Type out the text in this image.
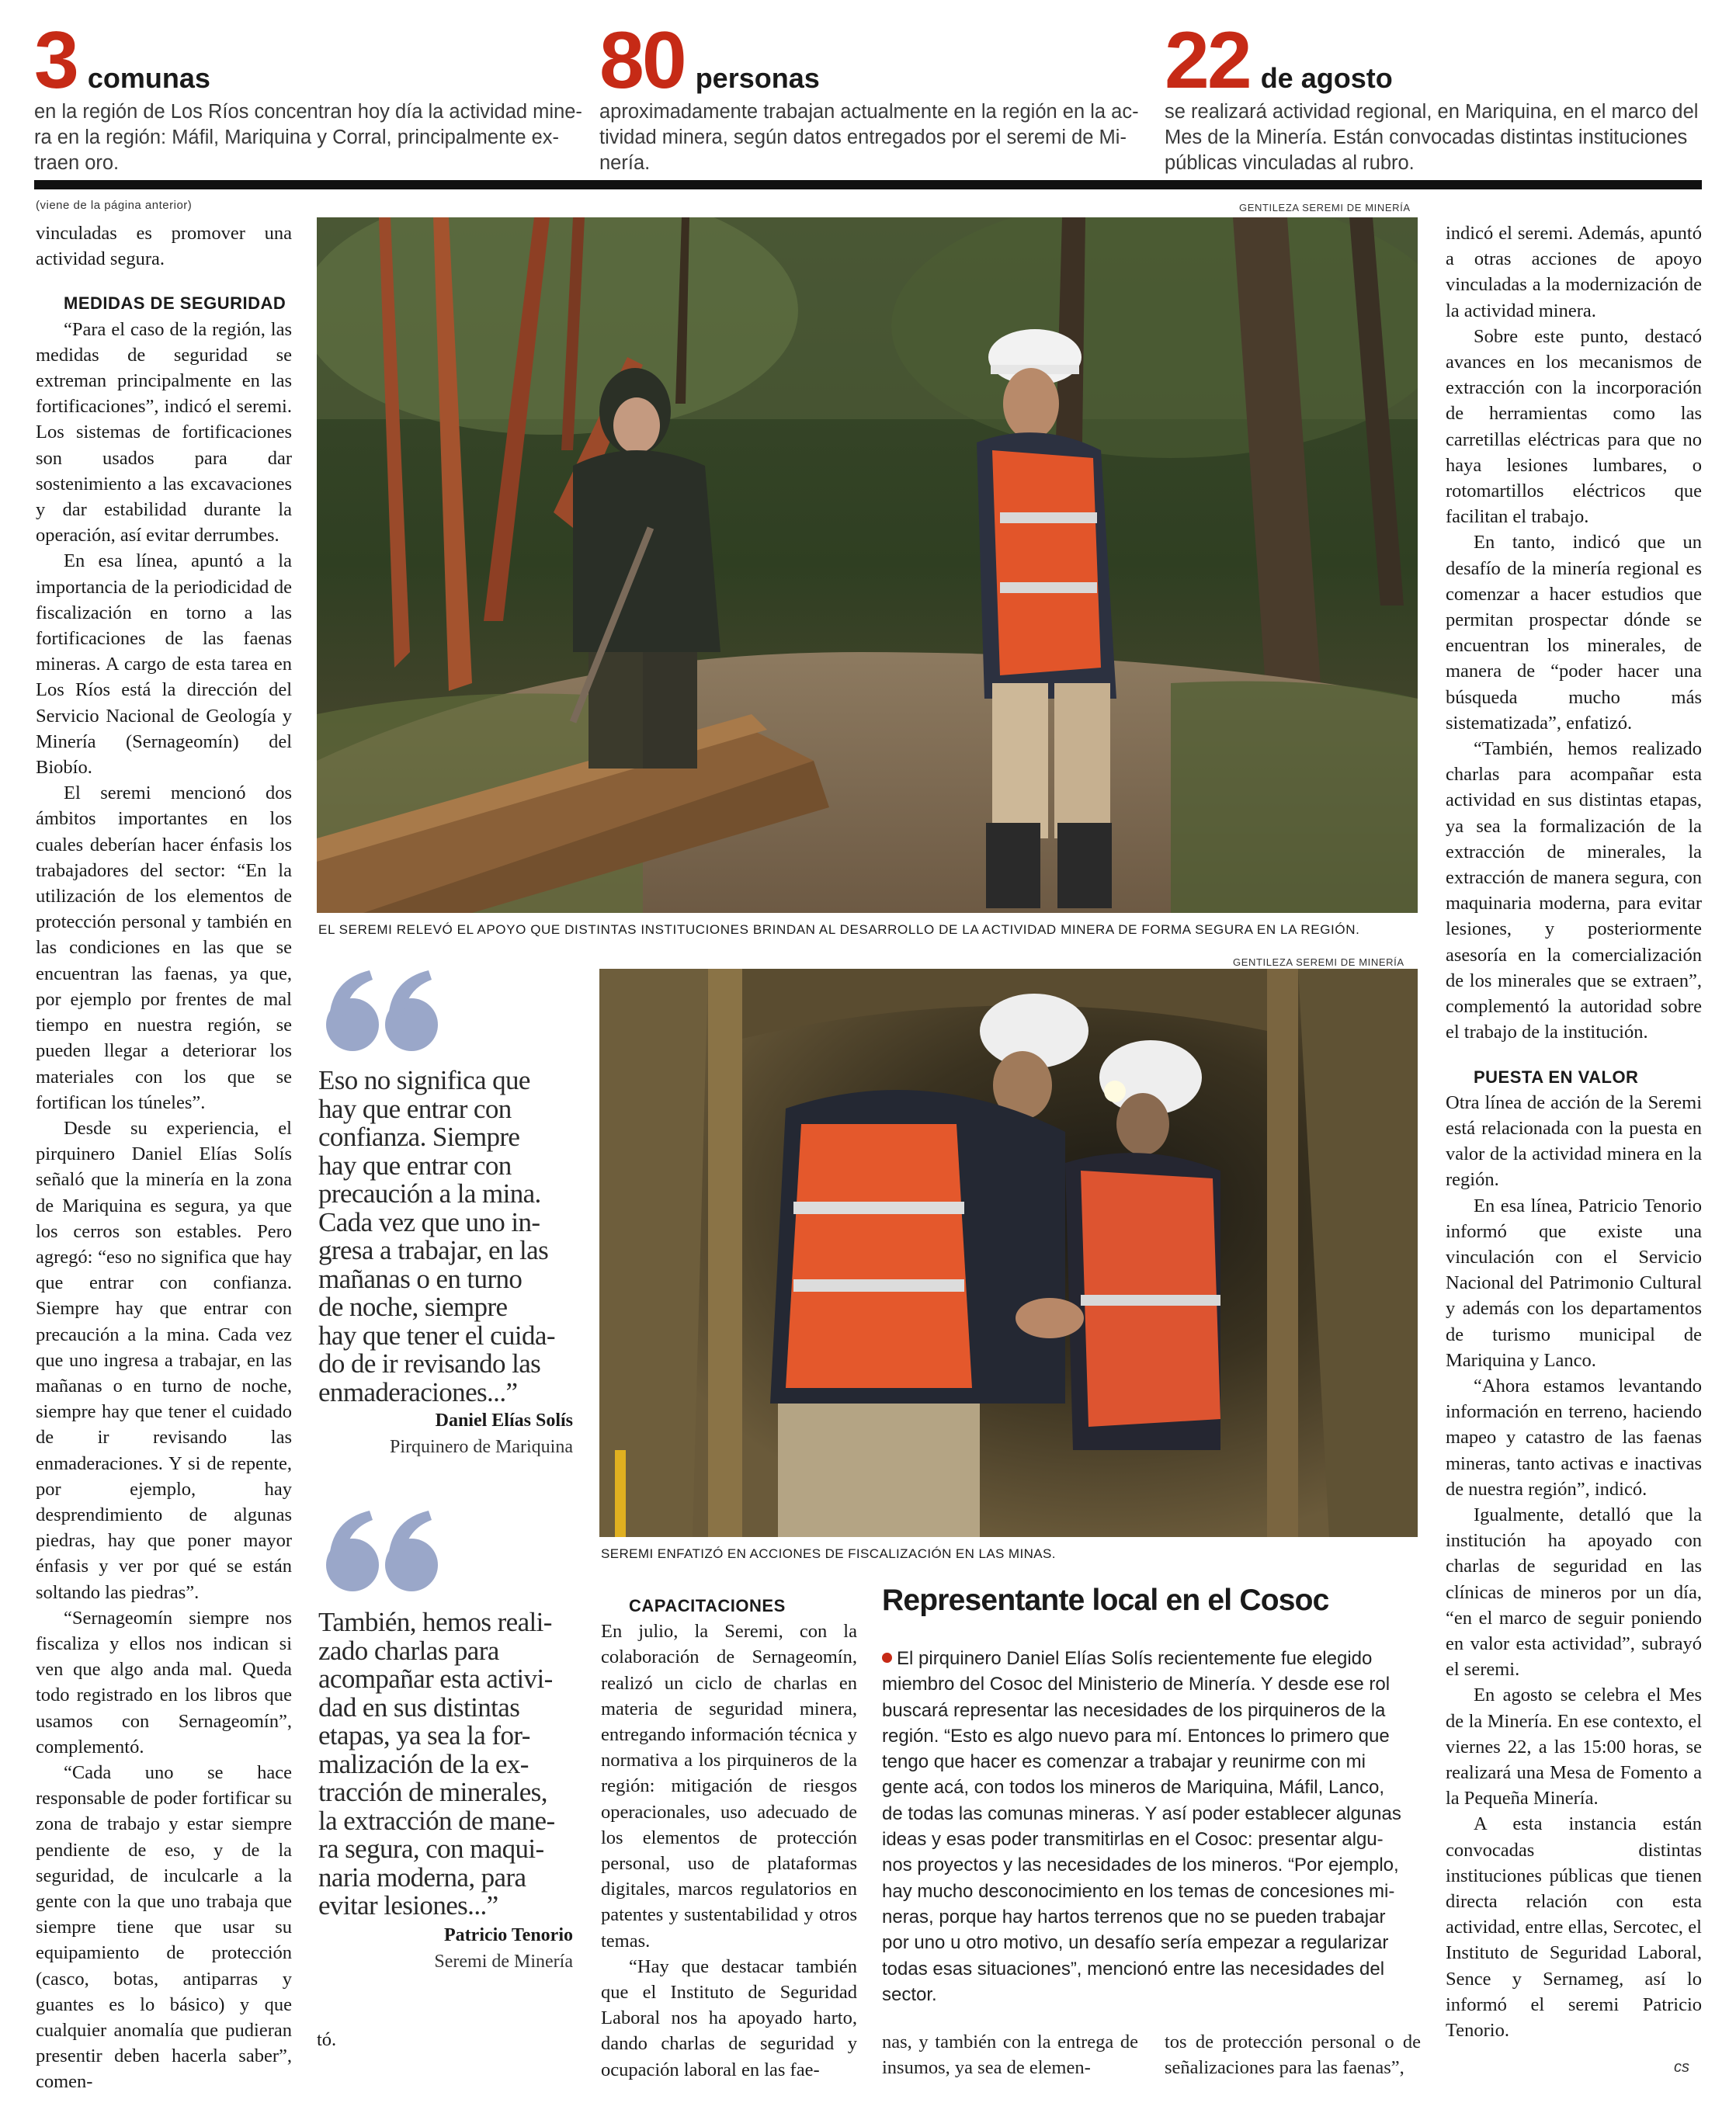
3 comunas
en la región de Los Ríos concentran hoy día la actividad mine-
ra en la región: Máfil, Mariquina y Corral, principalmente ex-
traen oro.
80 personas
aproximadamente trabajan actualmente en la región en la ac-
tividad minera, según datos entregados por el seremi de Mi-
nería.
22 de agosto
se realizará actividad regional, en Mariquina, en el marco del
Mes de la Minería. Están convocadas distintas instituciones
públicas vinculadas al rubro.
(viene de la página anterior)

vinculadas es promover una actividad segura.

MEDIDAS DE SEGURIDAD

“Para el caso de la región, las medidas de seguridad se extreman principalmente en las fortificaciones”, indicó el seremi. Los sistemas de fortificaciones son usados para dar sostenimiento a las excavaciones y dar estabilidad durante la operación, así evitar derrumbes.

En esa línea, apuntó a la importancia de la periodicidad de fiscalización en torno a las fortificaciones de las faenas mineras. A cargo de esta tarea en Los Ríos está la dirección del Servicio Nacional de Geología y Minería (Sernageomín) del Biobío.

El seremi mencionó dos ámbitos importantes en los cuales deberían hacer énfasis los trabajadores del sector: “En la utilización de los elementos de protección personal y también en las condiciones en las que se encuentran las faenas, ya que, por ejemplo por frentes de mal tiempo en nuestra región, se pueden llegar a deteriorar los materiales con los que se fortifican los túneles”.

Desde su experiencia, el pirquinero Daniel Elías Solís señaló que la minería en la zona de Mariquina es segura, ya que los cerros son estables. Pero agregó: “eso no significa que hay que entrar con confianza. Siempre hay que entrar con precaución a la mina. Cada vez que uno ingresa a trabajar, en las mañanas o en turno de noche, siempre hay que tener el cuidado de ir revisando las enmaderaciones. Y si de repente, por ejemplo, hay desprendimiento de algunas piedras, hay que poner mayor énfasis y ver por qué se están soltando las piedras”.

“Sernageomín siempre nos fiscaliza y ellos nos indican si ven que algo anda mal. Queda todo registrado en los libros que usamos con Sernageomín”, complementó.

“Cada uno se hace responsable de poder fortificar su zona de trabajo y estar siempre pendiente de eso, y de la seguridad, de inculcarle a la gente con la que uno trabaja que siempre tiene que usar su equipamiento de protección (casco, botas, antiparras y guantes es lo básico) y que cualquier anomalía que pudieran presentir deben hacerla saber”, comen-

tó.
GENTILEZA SEREMI DE MINERÍA
EL SEREMI RELEVÓ EL APOYO QUE DISTINTAS INSTITUCIONES BRINDAN AL DESARROLLO DE LA ACTIVIDAD MINERA DE FORMA SEGURA EN LA REGIÓN.
Eso no significa que
hay que entrar con
confianza. Siempre
hay que entrar con
precaución a la mina.
Cada vez que uno in-
gresa a trabajar, en las
mañanas o en turno
de noche, siempre
hay que tener el cuida-
do de ir revisando las
enmaderaciones...”
Daniel Elías Solís
Pirquinero de Mariquina
También, hemos reali-
zado charlas para
acompañar esta activi-
dad en sus distintas
etapas, ya sea la for-
malización de la ex-
tracción de minerales,
la extracción de mane-
ra segura, con maqui-
naria moderna, para
evitar lesiones...”
Patricio Tenorio
Seremi de Minería
GENTILEZA SEREMI DE MINERÍA
SEREMI ENFATIZÓ EN ACCIONES DE FISCALIZACIÓN EN LAS MINAS.

CAPACITACIONES

En julio, la Seremi, con la colaboración de Sernageomín, realizó un ciclo de charlas en materia de seguridad minera, entregando información técnica y normativa a los pirquineros de la región: mitigación de riesgos operacionales, uso adecuado de los elementos de protección personal, uso de plataformas digitales, marcos regulatorios en patentes y sustentabilidad y otros temas.

“Hay que destacar también que el Instituto de Seguridad Laboral nos ha apoyado harto, dando charlas de seguridad y ocupación laboral en las fae-

Representante local en el Cosoc
El pirquinero Daniel Elías Solís recientemente fue elegido
miembro del Cosoc del Ministerio de Minería. Y desde ese rol
buscará representar las necesidades de los pirquineros de la
región. “Esto es algo nuevo para mí. Entonces lo primero que
tengo que hacer es comenzar a trabajar y reunirme con mi
gente acá, con todos los mineros de Mariquina, Máfil, Lanco,
de todas las comunas mineras. Y así poder establecer algunas
ideas y esas poder transmitirlas en el Cosoc: presentar algu-
nos proyectos y las necesidades de los mineros. “Por ejemplo,
hay mucho desconocimiento en los temas de concesiones mi-
neras, porque hay hartos terrenos que no se pueden trabajar
por uno u otro motivo, un desafío sería empezar a regularizar
todas esas situaciones”, mencionó entre las necesidades del
sector.
nas, y también con la entrega de insumos, ya sea de elemen-
tos de protección personal o de señalizaciones para las faenas”,

indicó el seremi. Además, apuntó a otras acciones de apoyo vinculadas a la modernización de la actividad minera.

Sobre este punto, destacó avances en los mecanismos de extracción con la incorporación de herramientas como las carretillas eléctricas para que no haya lesiones lumbares, o rotomartillos eléctricos que facilitan el trabajo.

En tanto, indicó que un desafío de la minería regional es comenzar a hacer estudios que permitan prospectar dónde se encuentran los minerales, de manera de “poder hacer una búsqueda mucho más sistematizada”, enfatizó.

“También, hemos realizado charlas para acompañar esta actividad en sus distintas etapas, ya sea la formalización de la extracción de minerales, la extracción de manera segura, con maquinaria moderna, para evitar lesiones, y posteriormente asesoría en la comercialización de los minerales que se extraen”, complementó la autoridad sobre el trabajo de la institución.

PUESTA EN VALOR

Otra línea de acción de la Seremi está relacionada con la puesta en valor de la actividad minera en la región.

En esa línea, Patricio Tenorio informó que existe una vinculación con el Servicio Nacional del Patrimonio Cultural y además con los departamentos de turismo municipal de Mariquina y Lanco.

“Ahora estamos levantando información en terreno, haciendo mapeo y catastro de las faenas mineras, tanto activas e inactivas de nuestra región”, indicó.

Igualmente, detalló que la institución ha apoyado con charlas de seguridad en las clínicas de mineros por un día, “en el marco de seguir poniendo en valor esta actividad”, subrayó el seremi.

En agosto se celebra el Mes de la Minería. En ese contexto, el viernes 22, a las 15:00 horas, se realizará una Mesa de Fomento a la Pequeña Minería.

A esta instancia están convocadas distintas instituciones públicas que tienen directa relación con esta actividad, entre ellas, Sercotec, el Instituto de Seguridad Laboral, Sence y Sernameg, así lo informó el seremi Patricio Tenorio.

cs
